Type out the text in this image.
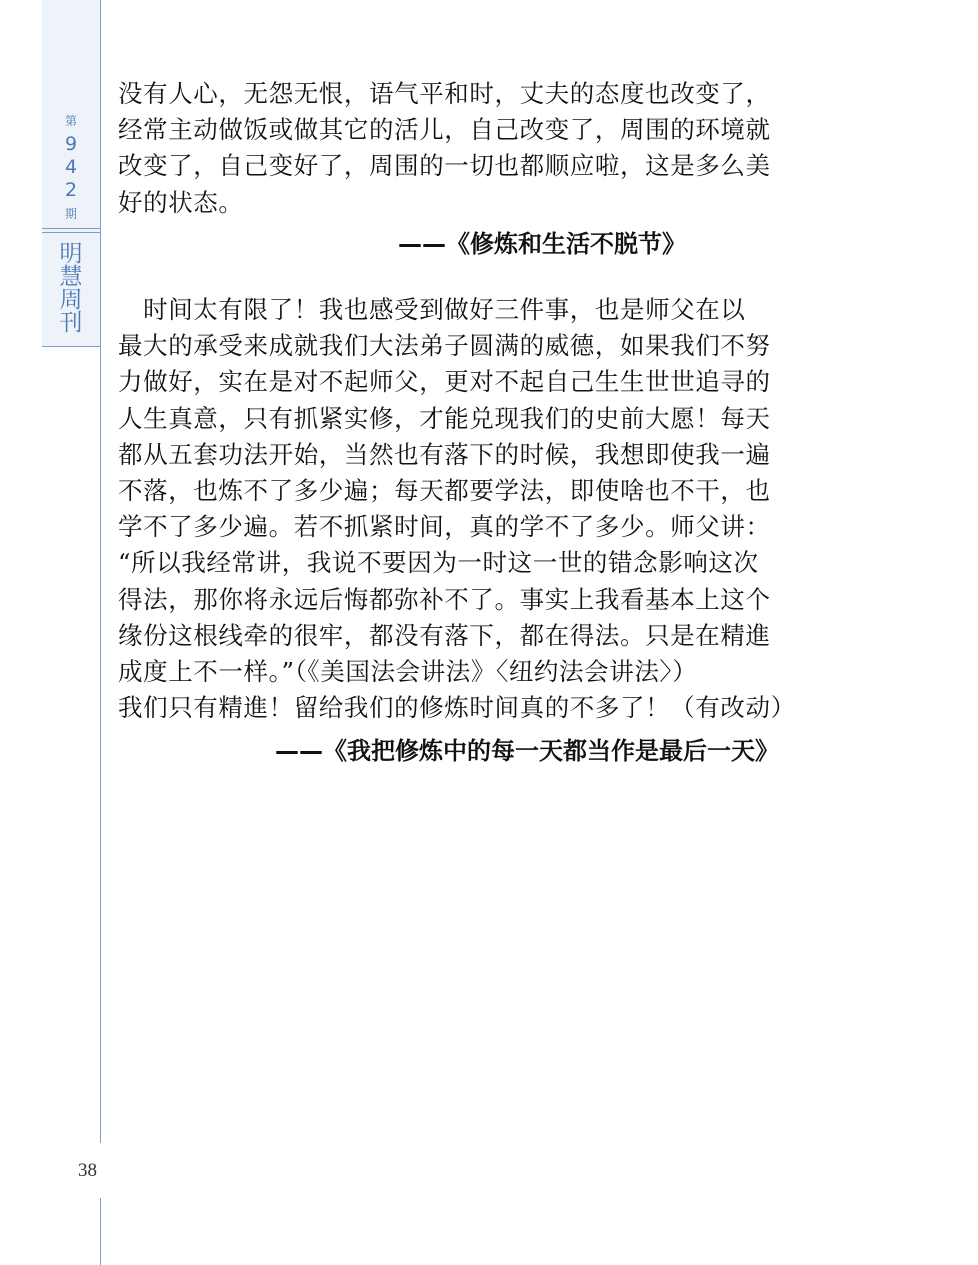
第
9
4
2
期
明
慧
周
刊
38
没有人心，无怨无恨，语气平和时，丈夫的态度也改变了，
经常主动做饭或做其它的活儿，自己改变了，周围的环境就
改变了，自己变好了，周围的一切也都顺应啦，这是多么美
好的状态。
——《修炼和生活不脱节》
　时间太有限了！我也感受到做好三件事，也是师父在以
最大的承受来成就我们大法弟子圆满的威德，如果我们不努
力做好，实在是对不起师父，更对不起自己生生世世追寻的
人生真意，只有抓紧实修，才能兑现我们的史前大愿！每天
都从五套功法开始，当然也有落下的时候，我想即使我一遍
不落，也炼不了多少遍；每天都要学法，即使啥也不干，也
学不了多少遍。若不抓紧时间，真的学不了多少。师父讲：
“所以我经常讲，我说不要因为一时这一世的错念影响这次
得法，那你将永远后悔都弥补不了。事实上我看基本上这个
缘份这根线牵的很牢，都没有落下，都在得法。只是在精進
成度上不一样。”（《美国法会讲法》〈纽约法会讲法〉）
我们只有精進！留给我们的修炼时间真的不多了！（有改动）
——《我把修炼中的每一天都当作是最后一天》
